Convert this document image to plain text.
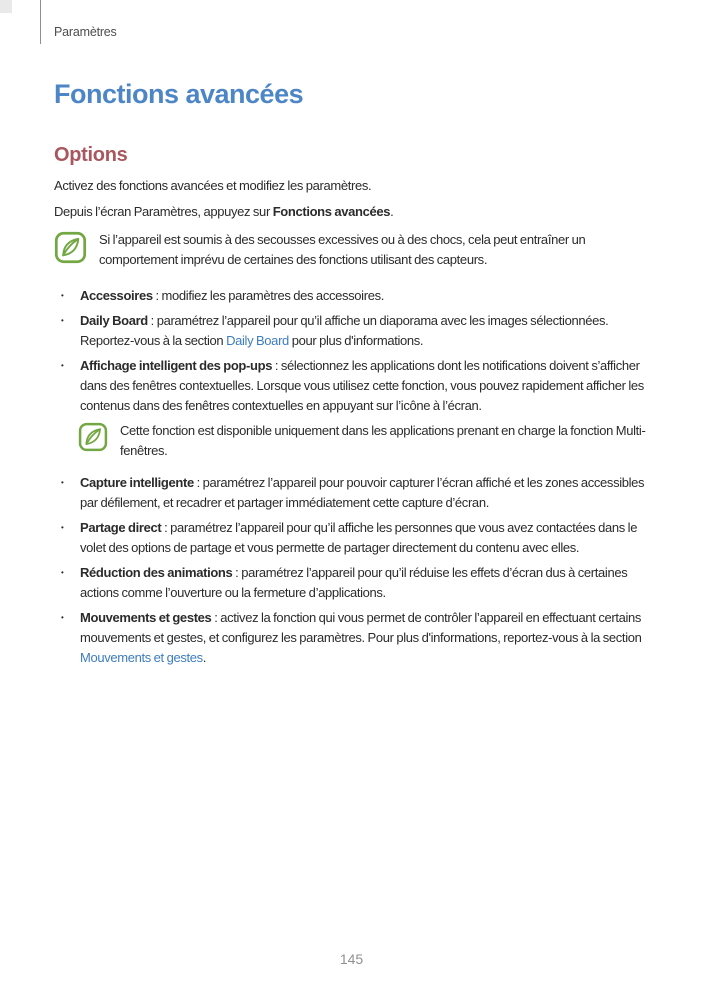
Paramètres
Fonctions avancées
Options

Activez des fonctions avancées et modifiez les paramètres.

Depuis l’écran Paramètres, appuyez sur Fonctions avancées.

Si l’appareil est soumis à des secousses excessives ou à des chocs, cela peut entraîner un comportement imprévu de certaines des fonctions utilisant des capteurs.

• Accessoires : modifiez les paramètres des accessoires.
• Daily Board : paramétrez l’appareil pour qu’il affiche un diaporama avec les images sélectionnées. Reportez-vous à la section Daily Board pour plus d'informations.
• Affichage intelligent des pop-ups : sélectionnez les applications dont les notifications doivent s’afficher dans des fenêtres contextuelles. Lorsque vous utilisez cette fonction, vous pouvez rapidement afficher les contenus dans des fenêtres contextuelles en appuyant sur l’icône à l’écran.

Cette fonction est disponible uniquement dans les applications prenant en charge la fonction Multi-fenêtres.

• Capture intelligente : paramétrez l’appareil pour pouvoir capturer l’écran affiché et les zones accessibles par défilement, et recadrer et partager immédiatement cette capture d’écran.
• Partage direct : paramétrez l’appareil pour qu’il affiche les personnes que vous avez contactées dans le volet des options de partage et vous permette de partager directement du contenu avec elles.
• Réduction des animations : paramétrez l’appareil pour qu’il réduise les effets d’écran dus à certaines actions comme l’ouverture ou la fermeture d’applications.
• Mouvements et gestes : activez la fonction qui vous permet de contrôler l’appareil en effectuant certains mouvements et gestes, et configurez les paramètres. Pour plus d'informations, reportez-vous à la section Mouvements et gestes.
145
